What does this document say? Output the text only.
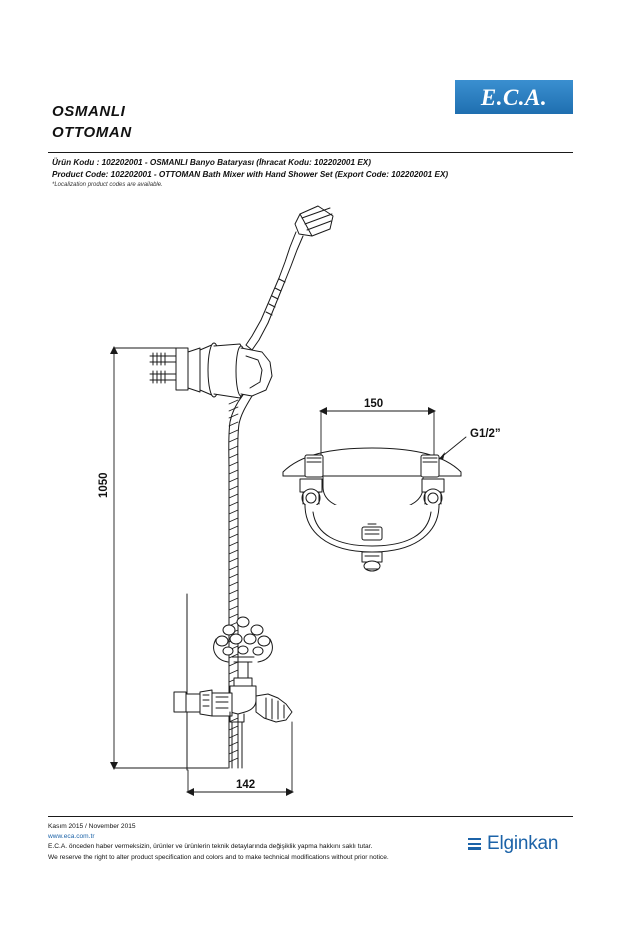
E.C.A.
OSMANLI
OTTOMAN
Ürün Kodu : 102202001 - OSMANLI Banyo Bataryası (İhracat Kodu: 102202001 EX)
Product Code: 102202001 - OTTOMAN Bath Mixer with Hand Shower Set (Export Code: 102202001 EX)
*Localization product codes are available.
1050
150
142
G1/2”
Kasım 2015 / November 2015
www.eca.com.tr
E.C.A. önceden haber vermeksizin, ürünler ve ürünlerin teknik detaylarında değişiklik yapma hakkını saklı tutar.
We reserve the right to alter product specification and colors and to make technical modifications without prior notice.
Elginkan
